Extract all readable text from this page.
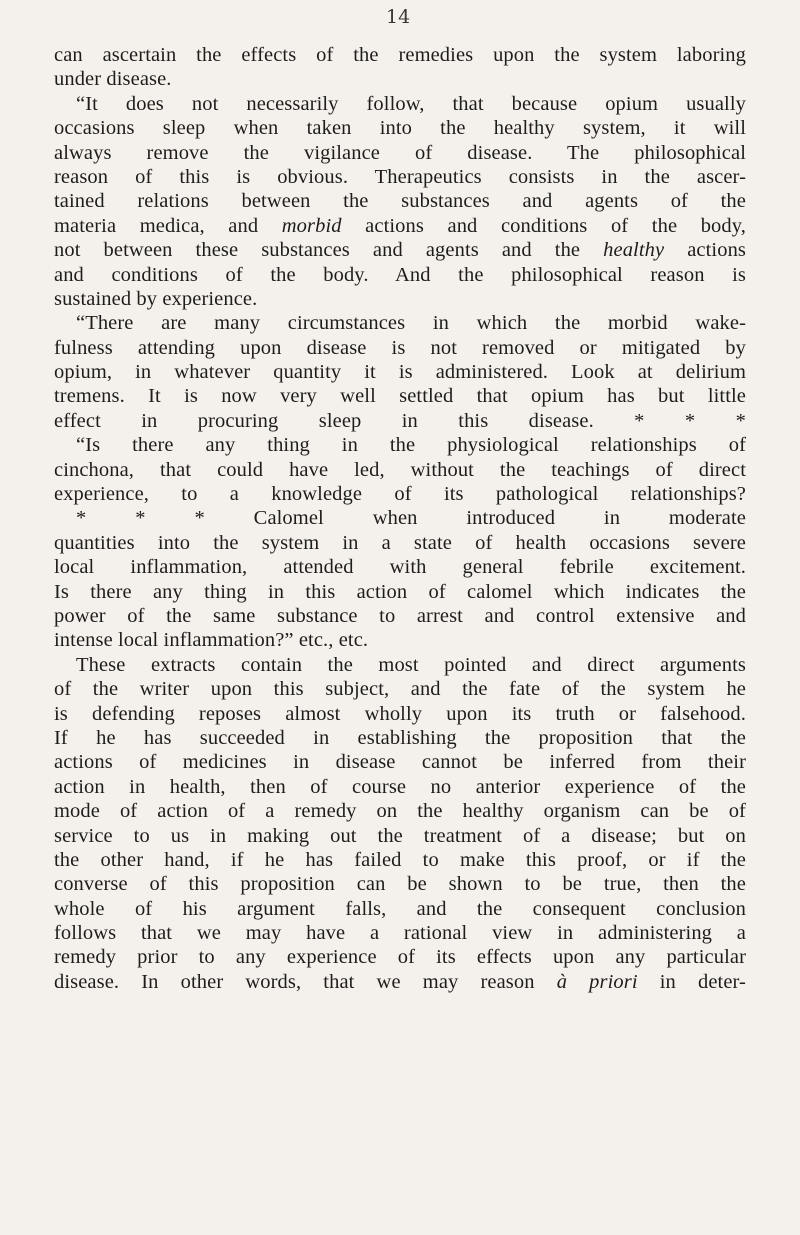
14
can ascertain the effects of the remedies upon the system laboring
under disease.
“It does not necessarily follow, that because opium usually
occasions sleep when taken into the healthy system, it will
always remove the vigilance of disease. The philosophical
reason of this is obvious. Therapeutics consists in the ascer-
tained relations between the substances and agents of the
materia medica, and morbid actions and conditions of the body,
not between these substances and agents and the healthy actions
and conditions of the body. And the philosophical reason is
sustained by experience.
“There are many circumstances in which the morbid wake-
fulness attending upon disease is not removed or mitigated by
opium, in whatever quantity it is administered. Look at delirium
tremens. It is now very well settled that opium has but little
effect in procuring sleep in this disease. * * *
“Is there any thing in the physiological relationships of
cinchona, that could have led, without the teachings of direct
experience, to a knowledge of its pathological relationships?
* * * Calomel when introduced in moderate
quantities into the system in a state of health occasions severe
local inflammation, attended with general febrile excitement.
Is there any thing in this action of calomel which indicates the
power of the same substance to arrest and control extensive and
intense local inflammation?” etc., etc.
These extracts contain the most pointed and direct arguments
of the writer upon this subject, and the fate of the system he
is defending reposes almost wholly upon its truth or falsehood.
If he has succeeded in establishing the proposition that the
actions of medicines in disease cannot be inferred from their
action in health, then of course no anterior experience of the
mode of action of a remedy on the healthy organism can be of
service to us in making out the treatment of a disease; but on
the other hand, if he has failed to make this proof, or if the
converse of this proposition can be shown to be true, then the
whole of his argument falls, and the consequent conclusion
follows that we may have a rational view in administering a
remedy prior to any experience of its effects upon any particular
disease. In other words, that we may reason à priori in deter-
